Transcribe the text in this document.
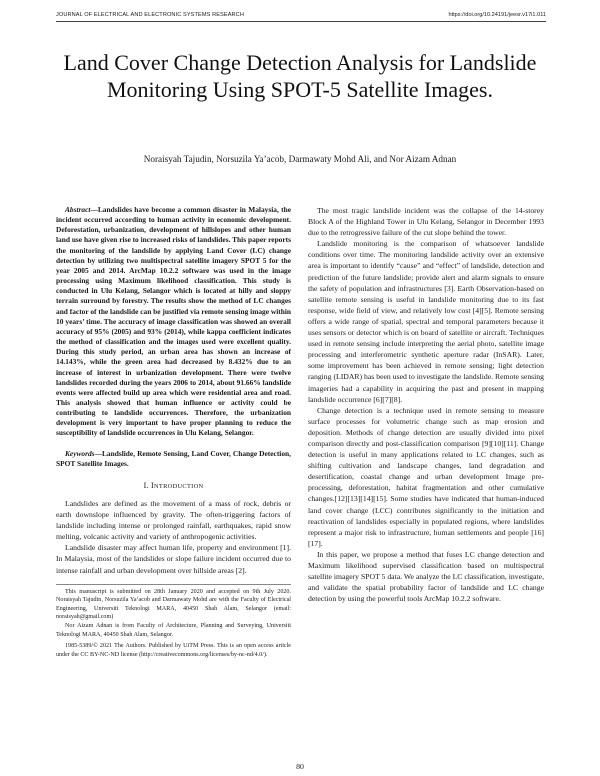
JOURNAL OF ELECTRICAL AND ELECTRONIC SYSTEMS RESEARCH	https://doi.org/10.24191/jeesr.v17i1.011
Land Cover Change Detection Analysis for Landslide Monitoring Using SPOT-5 Satellite Images.
Noraisyah Tajudin, Norsuzila Ya’acob, Darmawaty Mohd Ali, and Nor Aizam Adnan
Abstract—Landslides have become a common disaster in Malaysia, the incident occurred according to human activity in economic development. Deforestation, urbanization, development of hillslopes and other human land use have given rise to increased risks of landslides. This paper reports the monitoring of the landslide by applying Land Cover (LC) change detection by utilizing two multispectral satellite imagery SPOT 5 for the year 2005 and 2014. ArcMap 10.2.2 software was used in the image processing using Maximum likelihood classification. This study is conducted in Ulu Kelang, Selangor which is located at hilly and sloppy terrain surround by forestry. The results show the method of LC changes and factor of the landslide can be justified via remote sensing image within 10 years’ time. The accuracy of image classification was showed an overall accuracy of 95% (2005) and 93% (2014), while kappa coefficient indicates the method of classification and the images used were excellent quality. During this study period, an urban area has shown an increase of 14.143%, while the green area had decreased by 8.432% due to an increase of interest in urbanization development. There were twelve landslides recorded during the years 2006 to 2014, about 91.66% landslide events were affected build up area which were residential area and road. This analysis showed that human influence or activity could be contributing to landslide occurrences. Therefore, the urbanization development is very important to have proper planning to reduce the susceptibility of landslide occurrences in Ulu Kelang, Selangor.
Keywords—Landslide, Remote Sensing, Land Cover, Change Detection, SPOT Satellite Images.
I. INTRODUCTION

Landslides are defined as the movement of a mass of rock, debris or earth downslope influenced by gravity. The often-triggering factors of landslide including intense or prolonged rainfall, earthquakes, rapid snow melting, volcanic activity and variety of anthropogenic activities.

Landslide disaster may affect human life, property and environment [1]. In Malaysia, most of the landslides or slope failure incident occurred due to intense rainfall and urban development over hillside areas [2].

This manuscript is submitted on 28th January 2020 and accepted on 9th July 2020. Noraisyah Tajudin, Norsuzila Ya’acob and Darmawaty Mohd are with the Faculty of Electrical Engineering, Universiti Teknologi MARA, 40450 Shah Alam, Selangor (email: noraisyah@gmail.com)

Nor Aizam Adnan is from Faculty of Architecture, Planning and Surveying, Universiti Teknologi MARA, 40450 Shah Alam, Selangor.

1985-5389/© 2021 The Authors. Published by UiTM Press. This is an open access article under the CC BY-NC-ND license (http://creativecommons.org/licenses/by-nc-nd/4.0/).

The most tragic landslide incident was the collapse of the 14-storey Block A of the Highland Tower in Ulu Kelang, Selangor in December 1993 due to the retrogressive failure of the cut slope behind the tower.

Landslide monitoring is the comparison of whatsoever landslide conditions over time. The monitoring landslide activity over an extensive area is important to identify “cause” and “effect” of landslide, detection and prediction of the future landslide; provide alert and alarm signals to ensure the safety of population and infrastructures [3]. Earth Observation-based on satellite remote sensing is useful in landslide monitoring due to its fast response, wide field of view, and relatively low cost [4][5]. Remote sensing offers a wide range of spatial, spectral and temporal parameters because it uses sensors or detector which is on board of satellite or aircraft. Techniques used in remote sensing include interpreting the aerial photo, satellite image processing and interferometric synthetic aperture radar (InSAR). Later, some improvement has been achieved in remote sensing; light detection ranging (LIDAR) has been used to investigate the landslide. Remote sensing imageries had a capability in acquiring the past and present in mapping landslide occurrence [6][7][8].

Change detection is a technique used in remote sensing to measure surface processes for volumetric change such as map erosion and deposition. Methods of change detection are usually divided into pixel comparison directly and post-classification comparison [9][10][11]. Change detection is useful in many applications related to LC changes, such as shifting cultivation and landscape changes, land degradation and desertification, coastal change and urban development Image pre-processing, deforestation, habitat fragmentation and other cumulative changes.[12][13][14][15]. Some studies have indicated that human-induced land cover change (LCC) contributes significantly to the initiation and reactivation of landslides especially in populated regions, where landslides represent a major risk to infrastructure, human settlements and people [16][17].

In this paper, we propose a method that fuses LC change detection and Maximum likelihood supervised classification based on multispectral satellite imagery SPOT 5 data. We analyze the LC classification, investigate, and validate the spatial probability factor of landslide and LC change detection by using the powerful tools ArcMap 10.2.2 software.

80
